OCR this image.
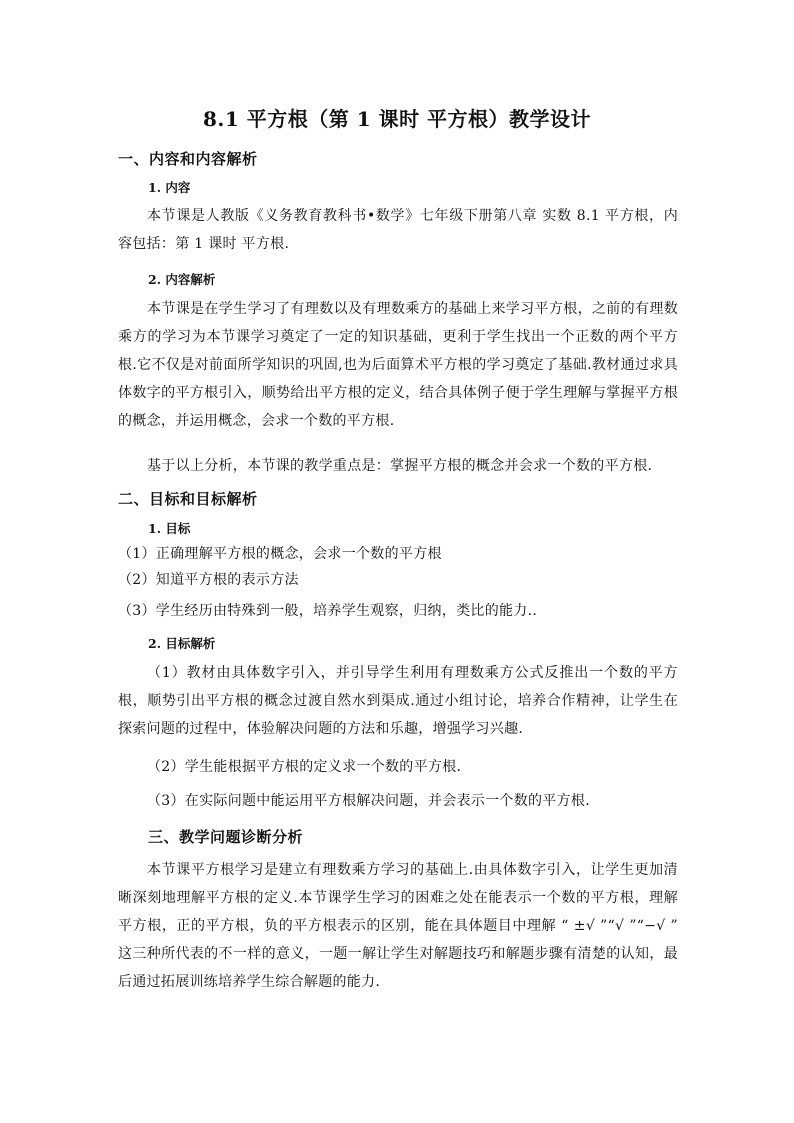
8.1 平方根（第 1 课时 平方根）教学设计
一、内容和内容解析
1. 内容
本节课是人教版《义务教育教科书•数学》七年级下册第八章 实数 8.1 平方根，内容包括：第 1 课时 平方根.
2. 内容解析
本节课是在学生学习了有理数以及有理数乘方的基础上来学习平方根，之前的有理数乘方的学习为本节课学习奠定了一定的知识基础，更利于学生找出一个正数的两个平方根.它不仅是对前面所学知识的巩固,也为后面算术平方根的学习奠定了基础.教材通过求具体数字的平方根引入，顺势给出平方根的定义，结合具体例子便于学生理解与掌握平方根的概念，并运用概念，会求一个数的平方根.
基于以上分析，本节课的教学重点是：掌握平方根的概念并会求一个数的平方根.
二、目标和目标解析
1. 目标
（1）正确理解平方根的概念，会求一个数的平方根
（2）知道平方根的表示方法
（3）学生经历由特殊到一般，培养学生观察，归纳，类比的能力..
2. 目标解析
（1）教材由具体数字引入，并引导学生利用有理数乘方公式反推出一个数的平方根，顺势引出平方根的概念过渡自然水到渠成.通过小组讨论，培养合作精神，让学生在探索问题的过程中，体验解决问题的方法和乐趣，增强学习兴趣.
（2）学生能根据平方根的定义求一个数的平方根.
（3）在实际问题中能运用平方根解决问题，并会表示一个数的平方根.
三、教学问题诊断分析
本节课平方根学习是建立有理数乘方学习的基础上.由具体数字引入，让学生更加清晰深刻地理解平方根的定义.本节课学生学习的困难之处在能表示一个数的平方根，理解平方根，正的平方根，负的平方根表示的区别，能在具体题目中理解 “ ±√ ”“√ ”“−√ ” 这三种所代表的不一样的意义，一题一解让学生对解题技巧和解题步骤有清楚的认知，最后通过拓展训练培养学生综合解题的能力.
